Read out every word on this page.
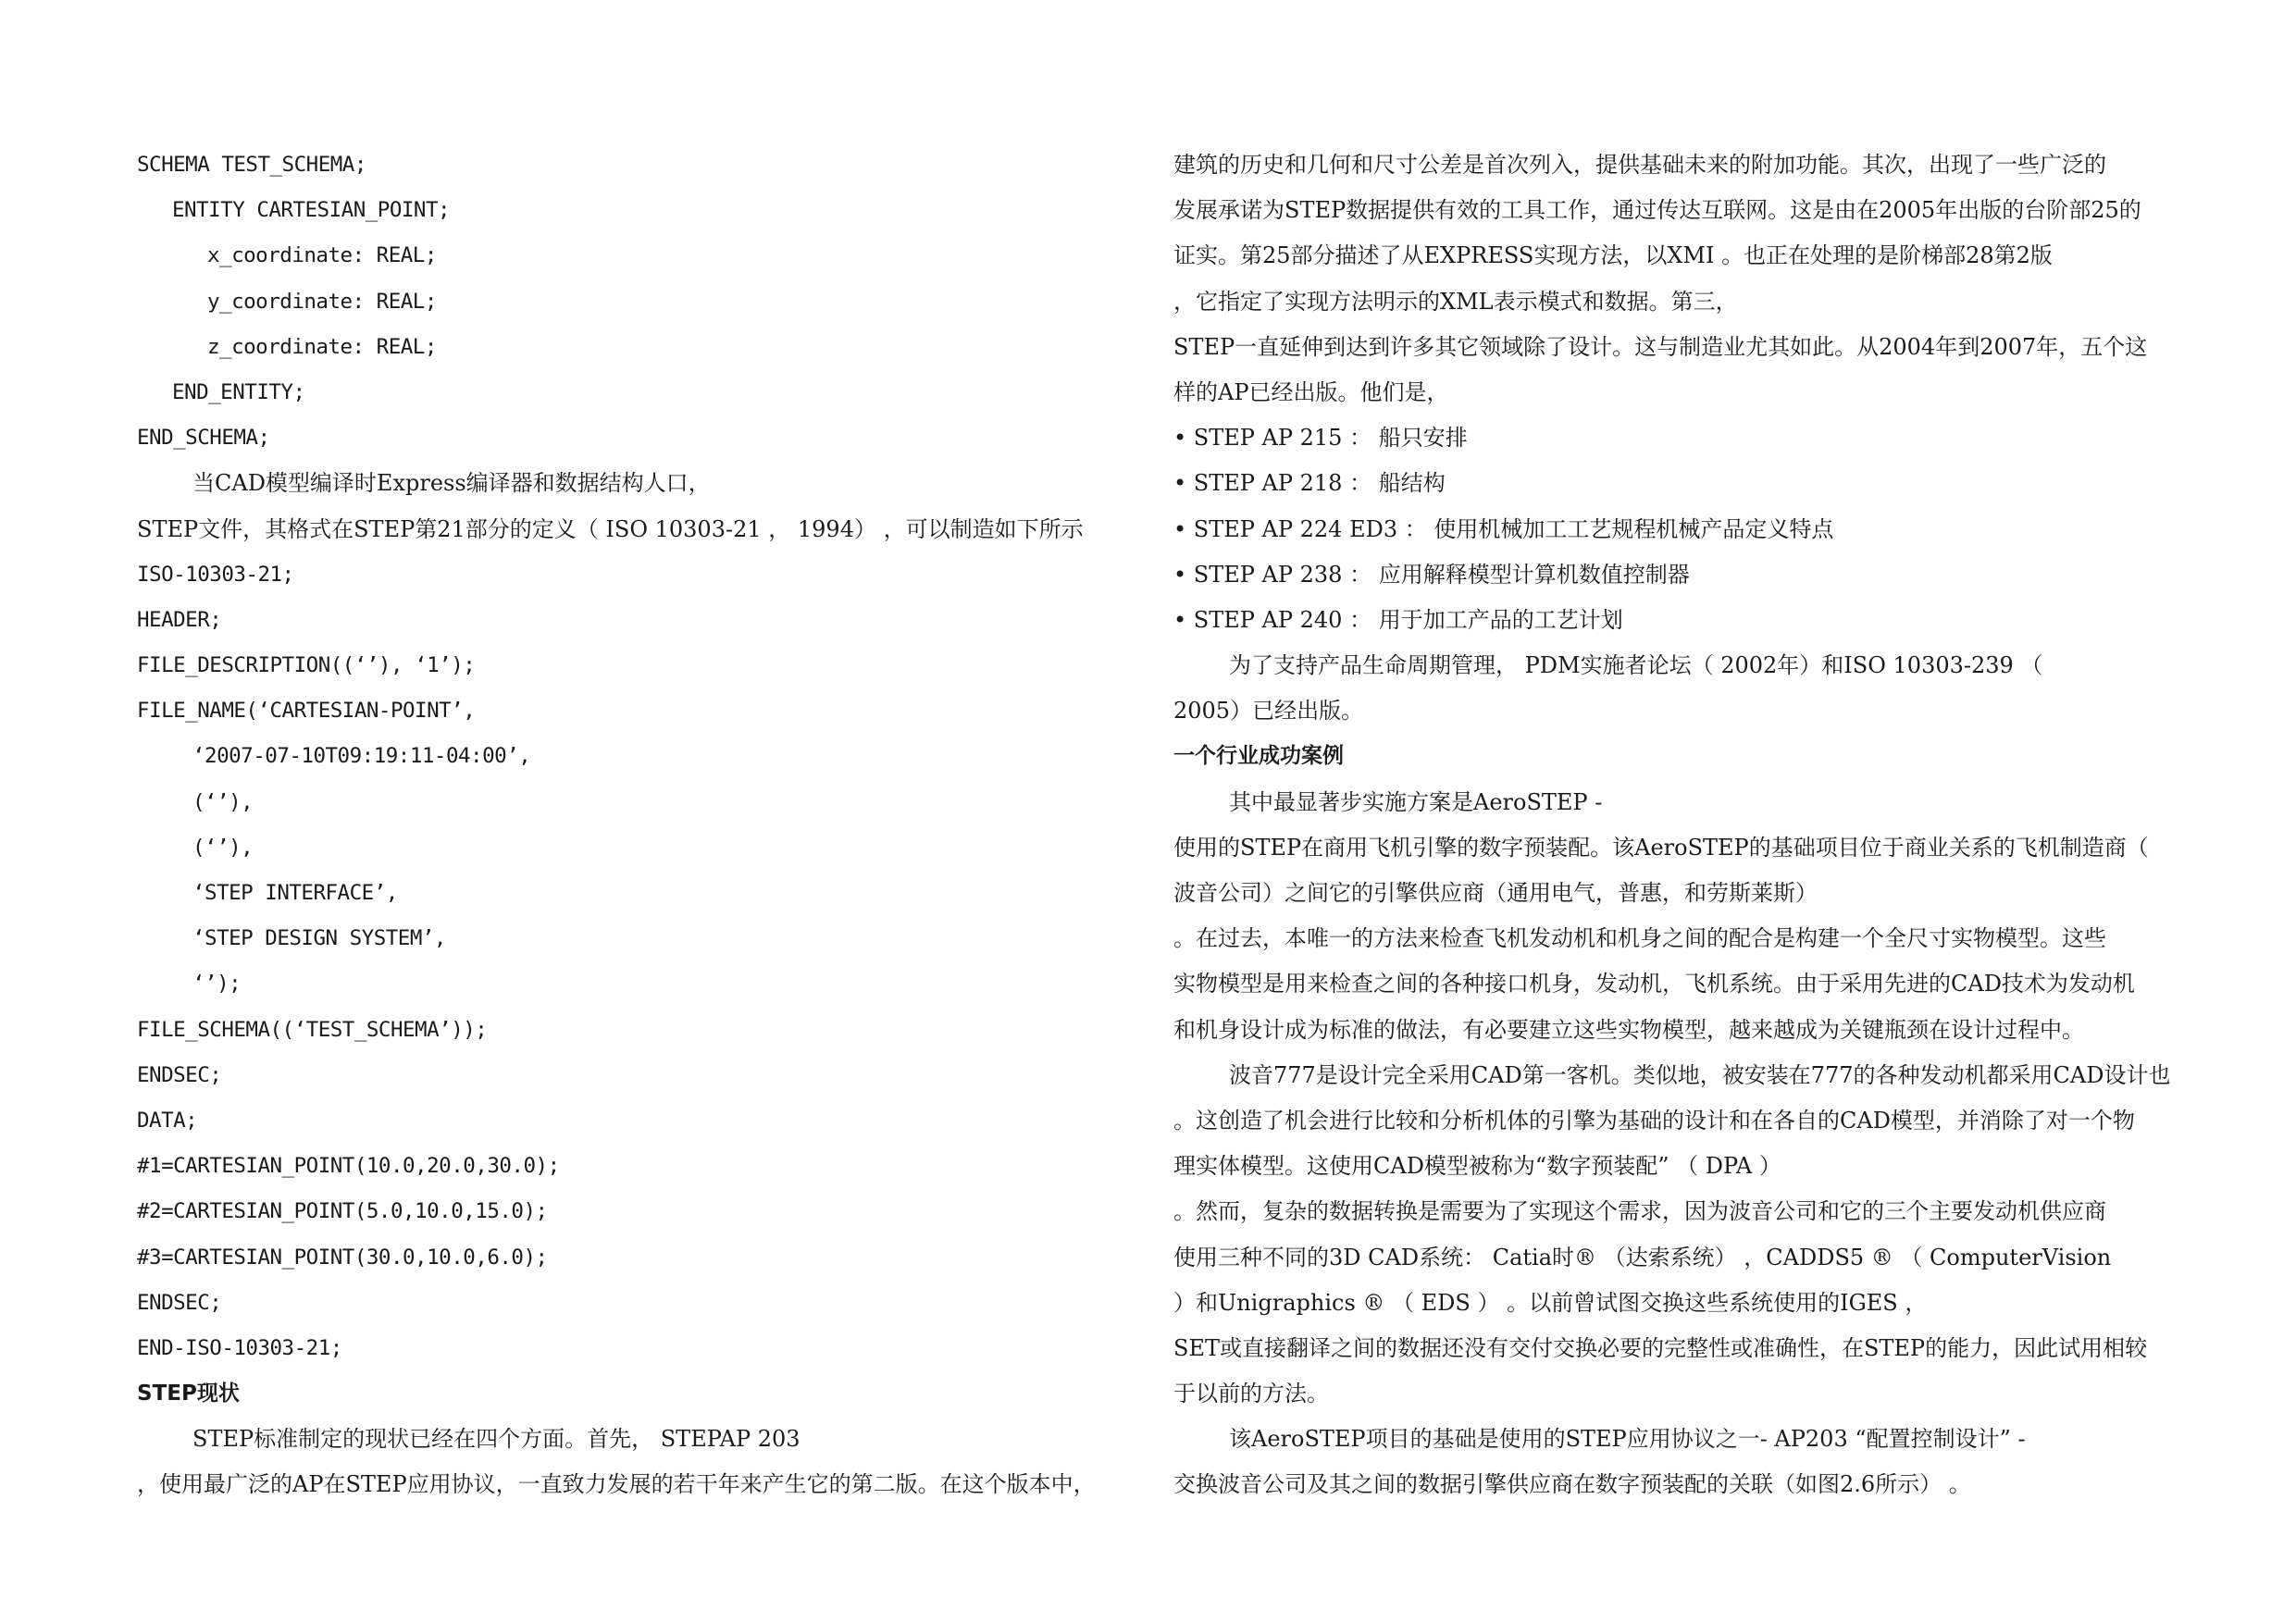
SCHEMA TEST_SCHEMA;
ENTITY CARTESIAN_POINT;
x_coordinate: REAL;
y_coordinate: REAL;
z_coordinate: REAL;
END_ENTITY;
END_SCHEMA;
当CAD模型编译时Express编译器和数据结构人口，
STEP文件，其格式在STEP第21部分的定义（ ISO 10303-21 ， 1994） ，可以制造如下所示
ISO-10303-21;
HEADER;
FILE_DESCRIPTION((‘’), ‘1’);
FILE_NAME(‘CARTESIAN-POINT’,
‘2007-07-10T09:19:11-04:00’,
(‘’),
(‘’),
‘STEP INTERFACE’,
‘STEP DESIGN SYSTEM’,
‘’);
FILE_SCHEMA((‘TEST_SCHEMA’));
ENDSEC;
DATA;
#1=CARTESIAN_POINT(10.0,20.0,30.0);
#2=CARTESIAN_POINT(5.0,10.0,15.0);
#3=CARTESIAN_POINT(30.0,10.0,6.0);
ENDSEC;
END-ISO-10303-21;
STEP现状
STEP标准制定的现状已经在四个方面。首先， STEPAP 203
，使用最广泛的AP在STEP应用协议，一直致力发展的若干年来产生它的第二版。在这个版本中，
建筑的历史和几何和尺寸公差是首次列入，提供基础未来的附加功能。其次，出现了一些广泛的
发展承诺为STEP数据提供有效的工具工作，通过传达互联网。这是由在2005年出版的台阶部25的
证实。第25部分描述了从EXPRESS实现方法，以XMI 。也正在处理的是阶梯部28第2版
，它指定了实现方法明示的XML表示模式和数据。第三，
STEP一直延伸到达到许多其它领域除了设计。这与制造业尤其如此。从2004年到2007年，五个这
样的AP已经出版。他们是，
• STEP AP 215 ： 船只安排
• STEP AP 218 ： 船结构
• STEP AP 224 ED3 ： 使用机械加工工艺规程机械产品定义特点
• STEP AP 238 ： 应用解释模型计算机数值控制器
• STEP AP 240 ： 用于加工产品的工艺计划
为了支持产品生命周期管理， PDM实施者论坛（ 2002年）和ISO 10303-239 （
2005）已经出版。
一个行业成功案例
其中最显著步实施方案是AeroSTEP -
使用的STEP在商用飞机引擎的数字预装配。该AeroSTEP的基础项目位于商业关系的飞机制造商（
波音公司）之间它的引擎供应商（通用电气，普惠，和劳斯莱斯）
。在过去，本唯一的方法来检查飞机发动机和机身之间的配合是构建一个全尺寸实物模型。这些
实物模型是用来检查之间的各种接口机身，发动机，飞机系统。由于采用先进的CAD技术为发动机
和机身设计成为标准的做法，有必要建立这些实物模型，越来越成为关键瓶颈在设计过程中。
波音777是设计完全采用CAD第一客机。类似地，被安装在777的各种发动机都采用CAD设计也
。这创造了机会进行比较和分析机体的引擎为基础的设计和在各自的CAD模型，并消除了对一个物
理实体模型。这使用CAD模型被称为“数字预装配” （ DPA ）
。然而，复杂的数据转换是需要为了实现这个需求，因为波音公司和它的三个主要发动机供应商
使用三种不同的3D CAD系统： Catia时® （达索系统） ，CADDS5 ® （ ComputerVision
）和Unigraphics ® （ EDS ） 。以前曾试图交换这些系统使用的IGES ，
SET或直接翻译之间的数据还没有交付交换必要的完整性或准确性，在STEP的能力，因此试用相较
于以前的方法。
该AeroSTEP项目的基础是使用的STEP应用协议之一- AP203 “配置控制设计” -
交换波音公司及其之间的数据引擎供应商在数字预装配的关联（如图2.6所示） 。
